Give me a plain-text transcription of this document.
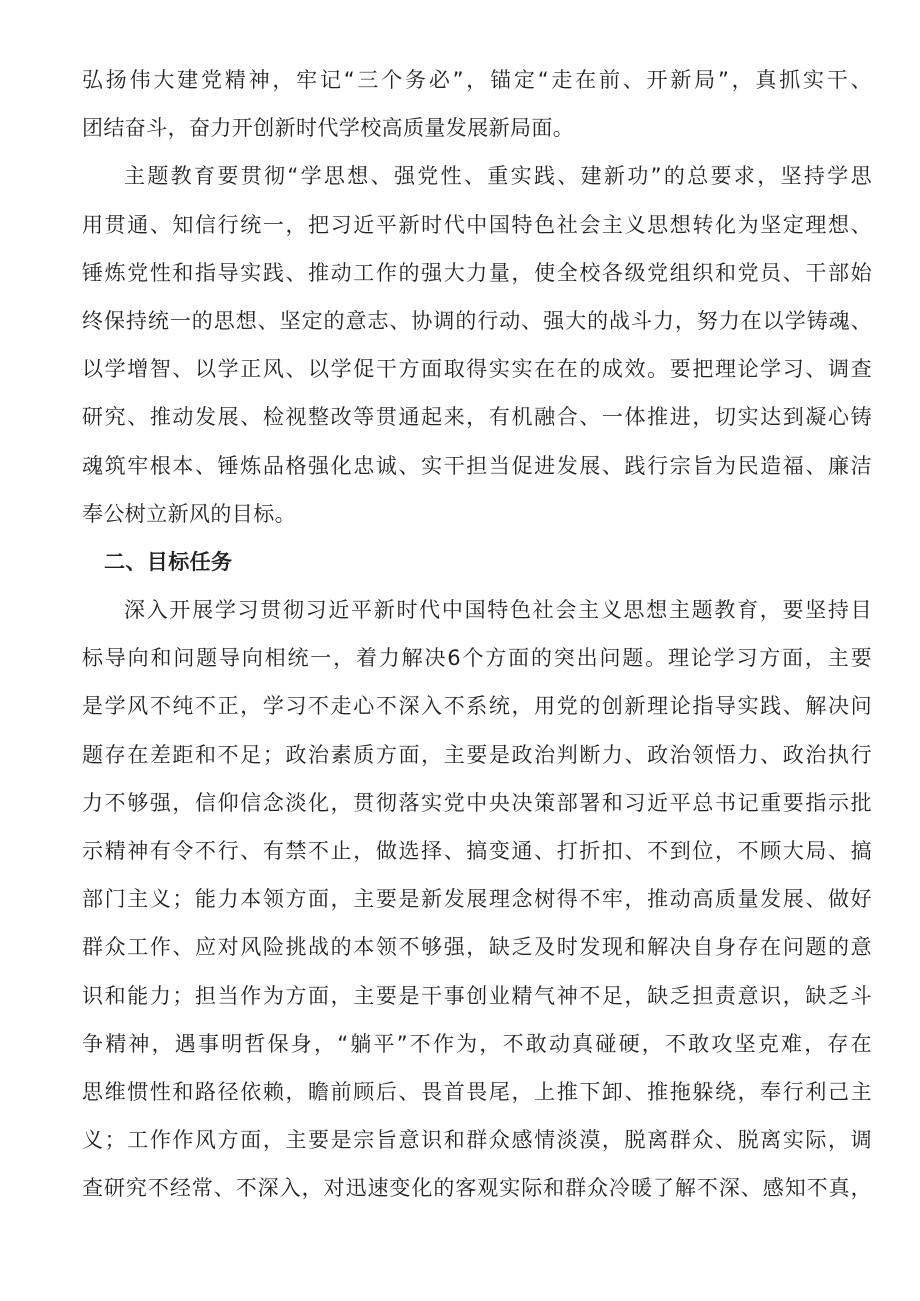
弘扬伟大建党精神，牢记“三个务必”，锚定“走在前、开新局”，真抓实干、
团结奋斗，奋力开创新时代学校高质量发展新局面。
主题教育要贯彻“学思想、强党性、重实践、建新功”的总要求，坚持学思
用贯通、知信行统一，把习近平新时代中国特色社会主义思想转化为坚定理想、
锤炼党性和指导实践、推动工作的强大力量，使全校各级党组织和党员、干部始
终保持统一的思想、坚定的意志、协调的行动、强大的战斗力，努力在以学铸魂、
以学增智、以学正风、以学促干方面取得实实在在的成效。要把理论学习、调查
研究、推动发展、检视整改等贯通起来，有机融合、一体推进，切实达到凝心铸
魂筑牢根本、锤炼品格强化忠诚、实干担当促进发展、践行宗旨为民造福、廉洁
奉公树立新风的目标。
二、目标任务
深入开展学习贯彻习近平新时代中国特色社会主义思想主题教育，要坚持目
标导向和问题导向相统一，着力解决6个方面的突出问题。理论学习方面，主要
是学风不纯不正，学习不走心不深入不系统，用党的创新理论指导实践、解决问
题存在差距和不足；政治素质方面，主要是政治判断力、政治领悟力、政治执行
力不够强，信仰信念淡化，贯彻落实党中央决策部署和习近平总书记重要指示批
示精神有令不行、有禁不止，做选择、搞变通、打折扣、不到位，不顾大局、搞
部门主义；能力本领方面，主要是新发展理念树得不牢，推动高质量发展、做好
群众工作、应对风险挑战的本领不够强，缺乏及时发现和解决自身存在问题的意
识和能力；担当作为方面，主要是干事创业精气神不足，缺乏担责意识，缺乏斗
争精神，遇事明哲保身，“躺平”不作为，不敢动真碰硬，不敢攻坚克难，存在
思维惯性和路径依赖，瞻前顾后、畏首畏尾，上推下卸、推拖躲绕，奉行利己主
义；工作作风方面，主要是宗旨意识和群众感情淡漠，脱离群众、脱离实际，调
查研究不经常、不深入，对迅速变化的客观实际和群众冷暖了解不深、感知不真，
